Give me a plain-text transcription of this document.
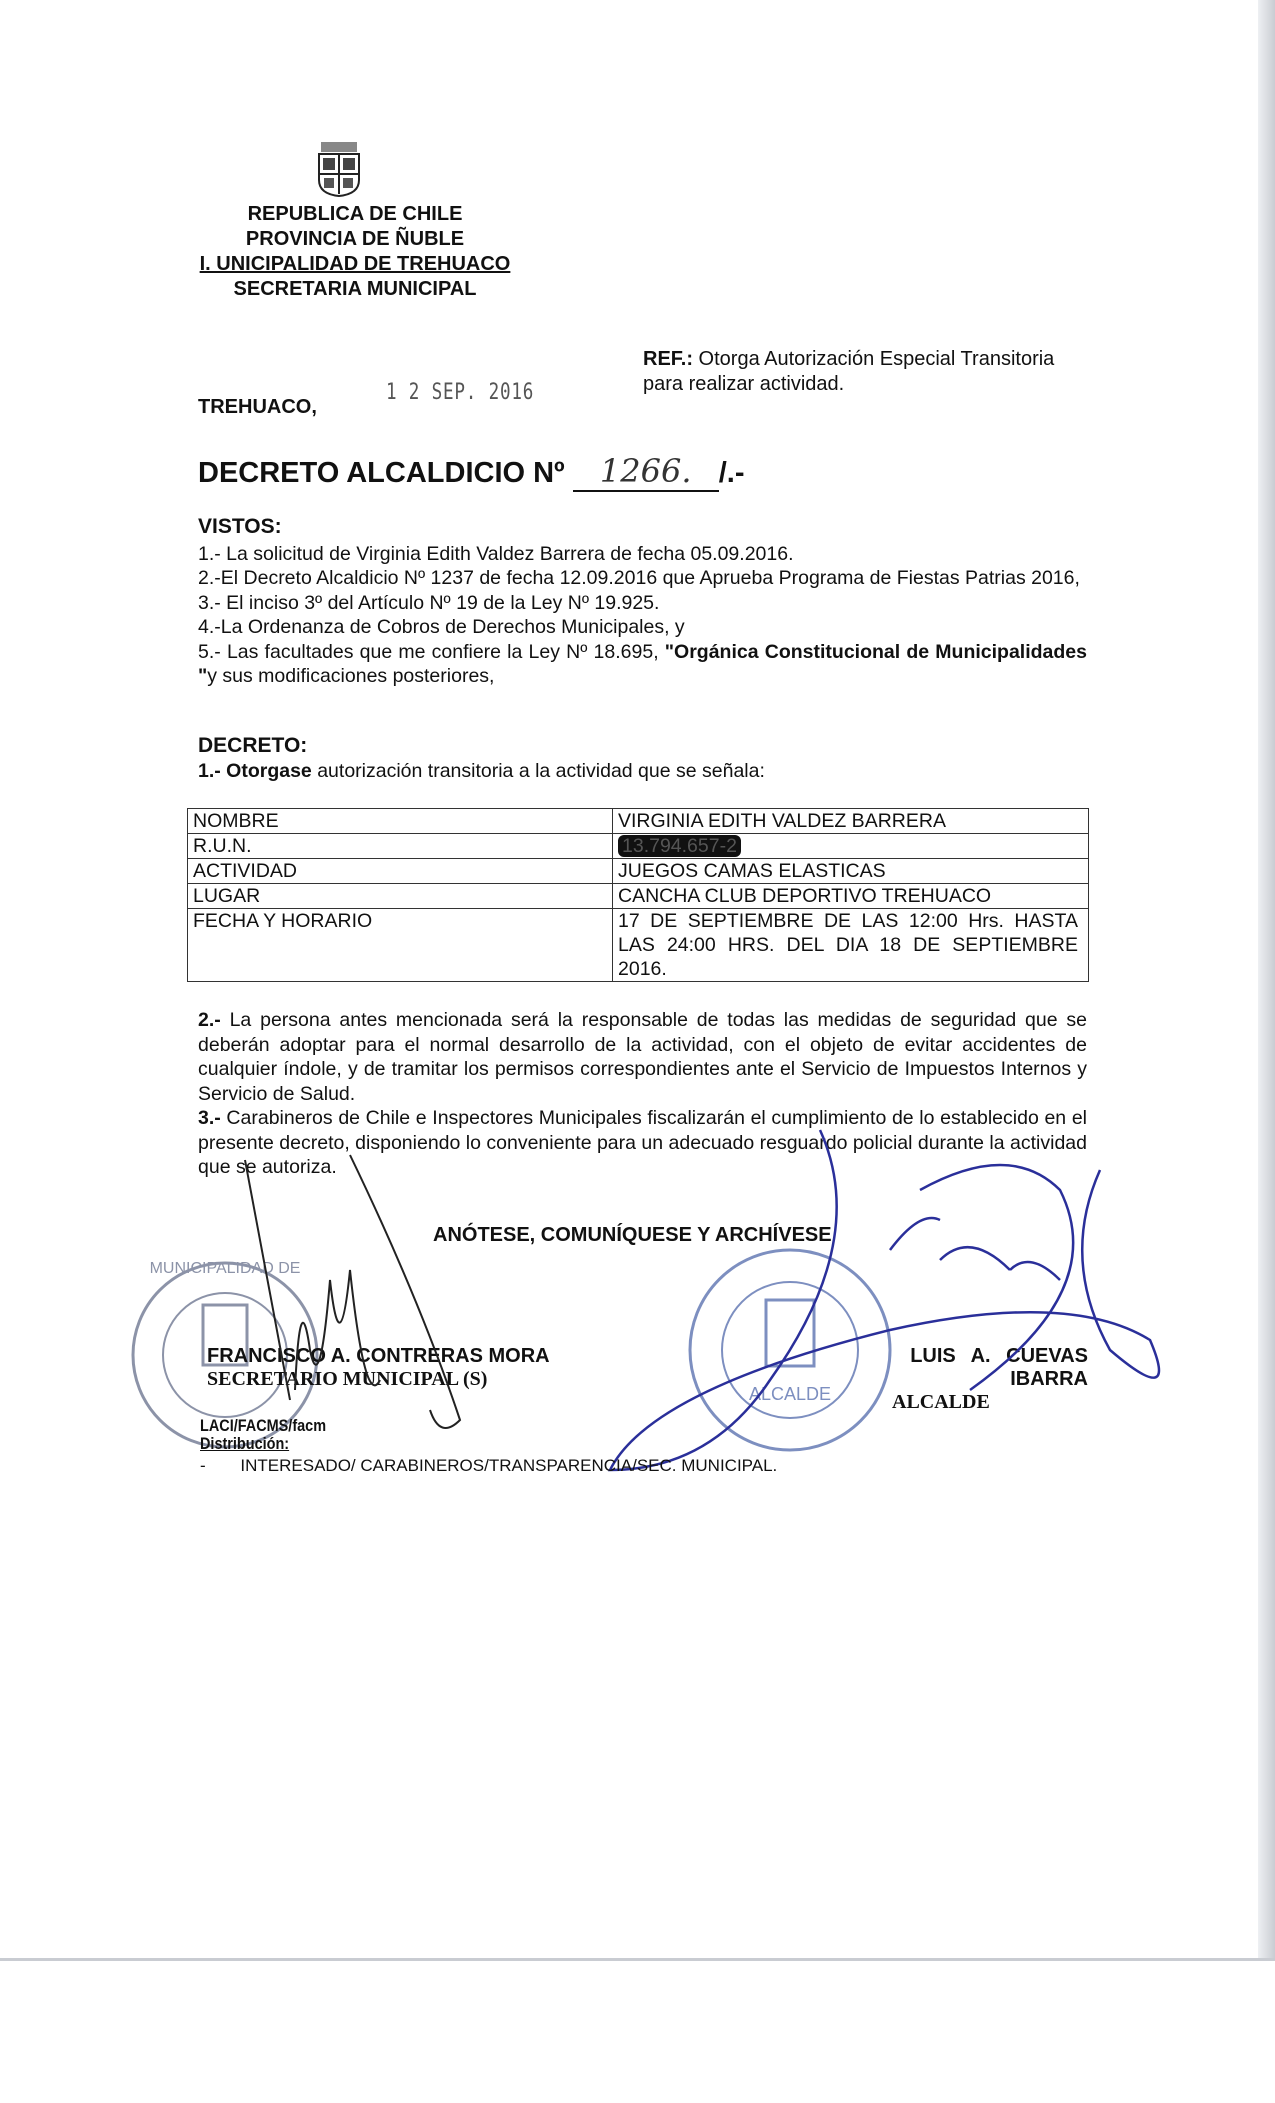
REPUBLICA DE CHILE
PROVINCIA DE ÑUBLE
I. UNICIPALIDAD DE TREHUACO
SECRETARIA MUNICIPAL
REF.: Otorga Autorización Especial Transitoria
para realizar actividad.
TREHUACO,
1 2 SEP. 2016
DECRETO ALCALDICIO Nº 1266. /.-
VISTOS:
1.- La solicitud de Virginia Edith Valdez Barrera de fecha 05.09.2016.
2.-El Decreto Alcaldicio Nº 1237 de fecha 12.09.2016 que Aprueba Programa de Fiestas Patrias 2016,
3.- El inciso 3º del Artículo Nº 19 de la Ley Nº 19.925.
4.-La Ordenanza de Cobros de Derechos Municipales, y
5.- Las facultades que me confiere la Ley Nº 18.695, "Orgánica Constitucional de Municipalidades "y sus modificaciones posteriores,
DECRETO:
1.- Otorgase autorización transitoria a la actividad que se señala:
NOMBRE	VIRGINIA EDITH VALDEZ BARRERA
R.U.N.	13.794.657-2
ACTIVIDAD	JUEGOS CAMAS ELASTICAS
LUGAR	CANCHA CLUB DEPORTIVO TREHUACO
FECHA Y HORARIO	17 DE SEPTIEMBRE DE LAS 12:00 Hrs. HASTA LAS 24:00 HRS. DEL DIA 18 DE SEPTIEMBRE 2016.
2.- La persona antes mencionada será la responsable de todas las medidas de seguridad que se deberán adoptar para el normal desarrollo de la actividad, con el objeto de evitar accidentes de cualquier índole, y de tramitar los permisos correspondientes ante el Servicio de Impuestos Internos y Servicio de Salud.
3.- Carabineros de Chile e Inspectores Municipales fiscalizarán el cumplimiento de lo establecido en el presente decreto, disponiendo lo conveniente para un adecuado resguardo policial durante la actividad que se autoriza.
ANÓTESE, COMUNÍQUESE Y ARCHÍVESE
MUNICIPALIDAD DE
ALCALDE
FRANCISCO A. CONTRERAS MORA
SECRETARIO MUNICIPAL (S)
LUIS A. CUEVAS IBARRA
ALCALDE
LACI/FACMS/facm
Distribución:
- INTERESADO/ CARABINEROS/TRANSPARENCIA/SEC. MUNICIPAL.
